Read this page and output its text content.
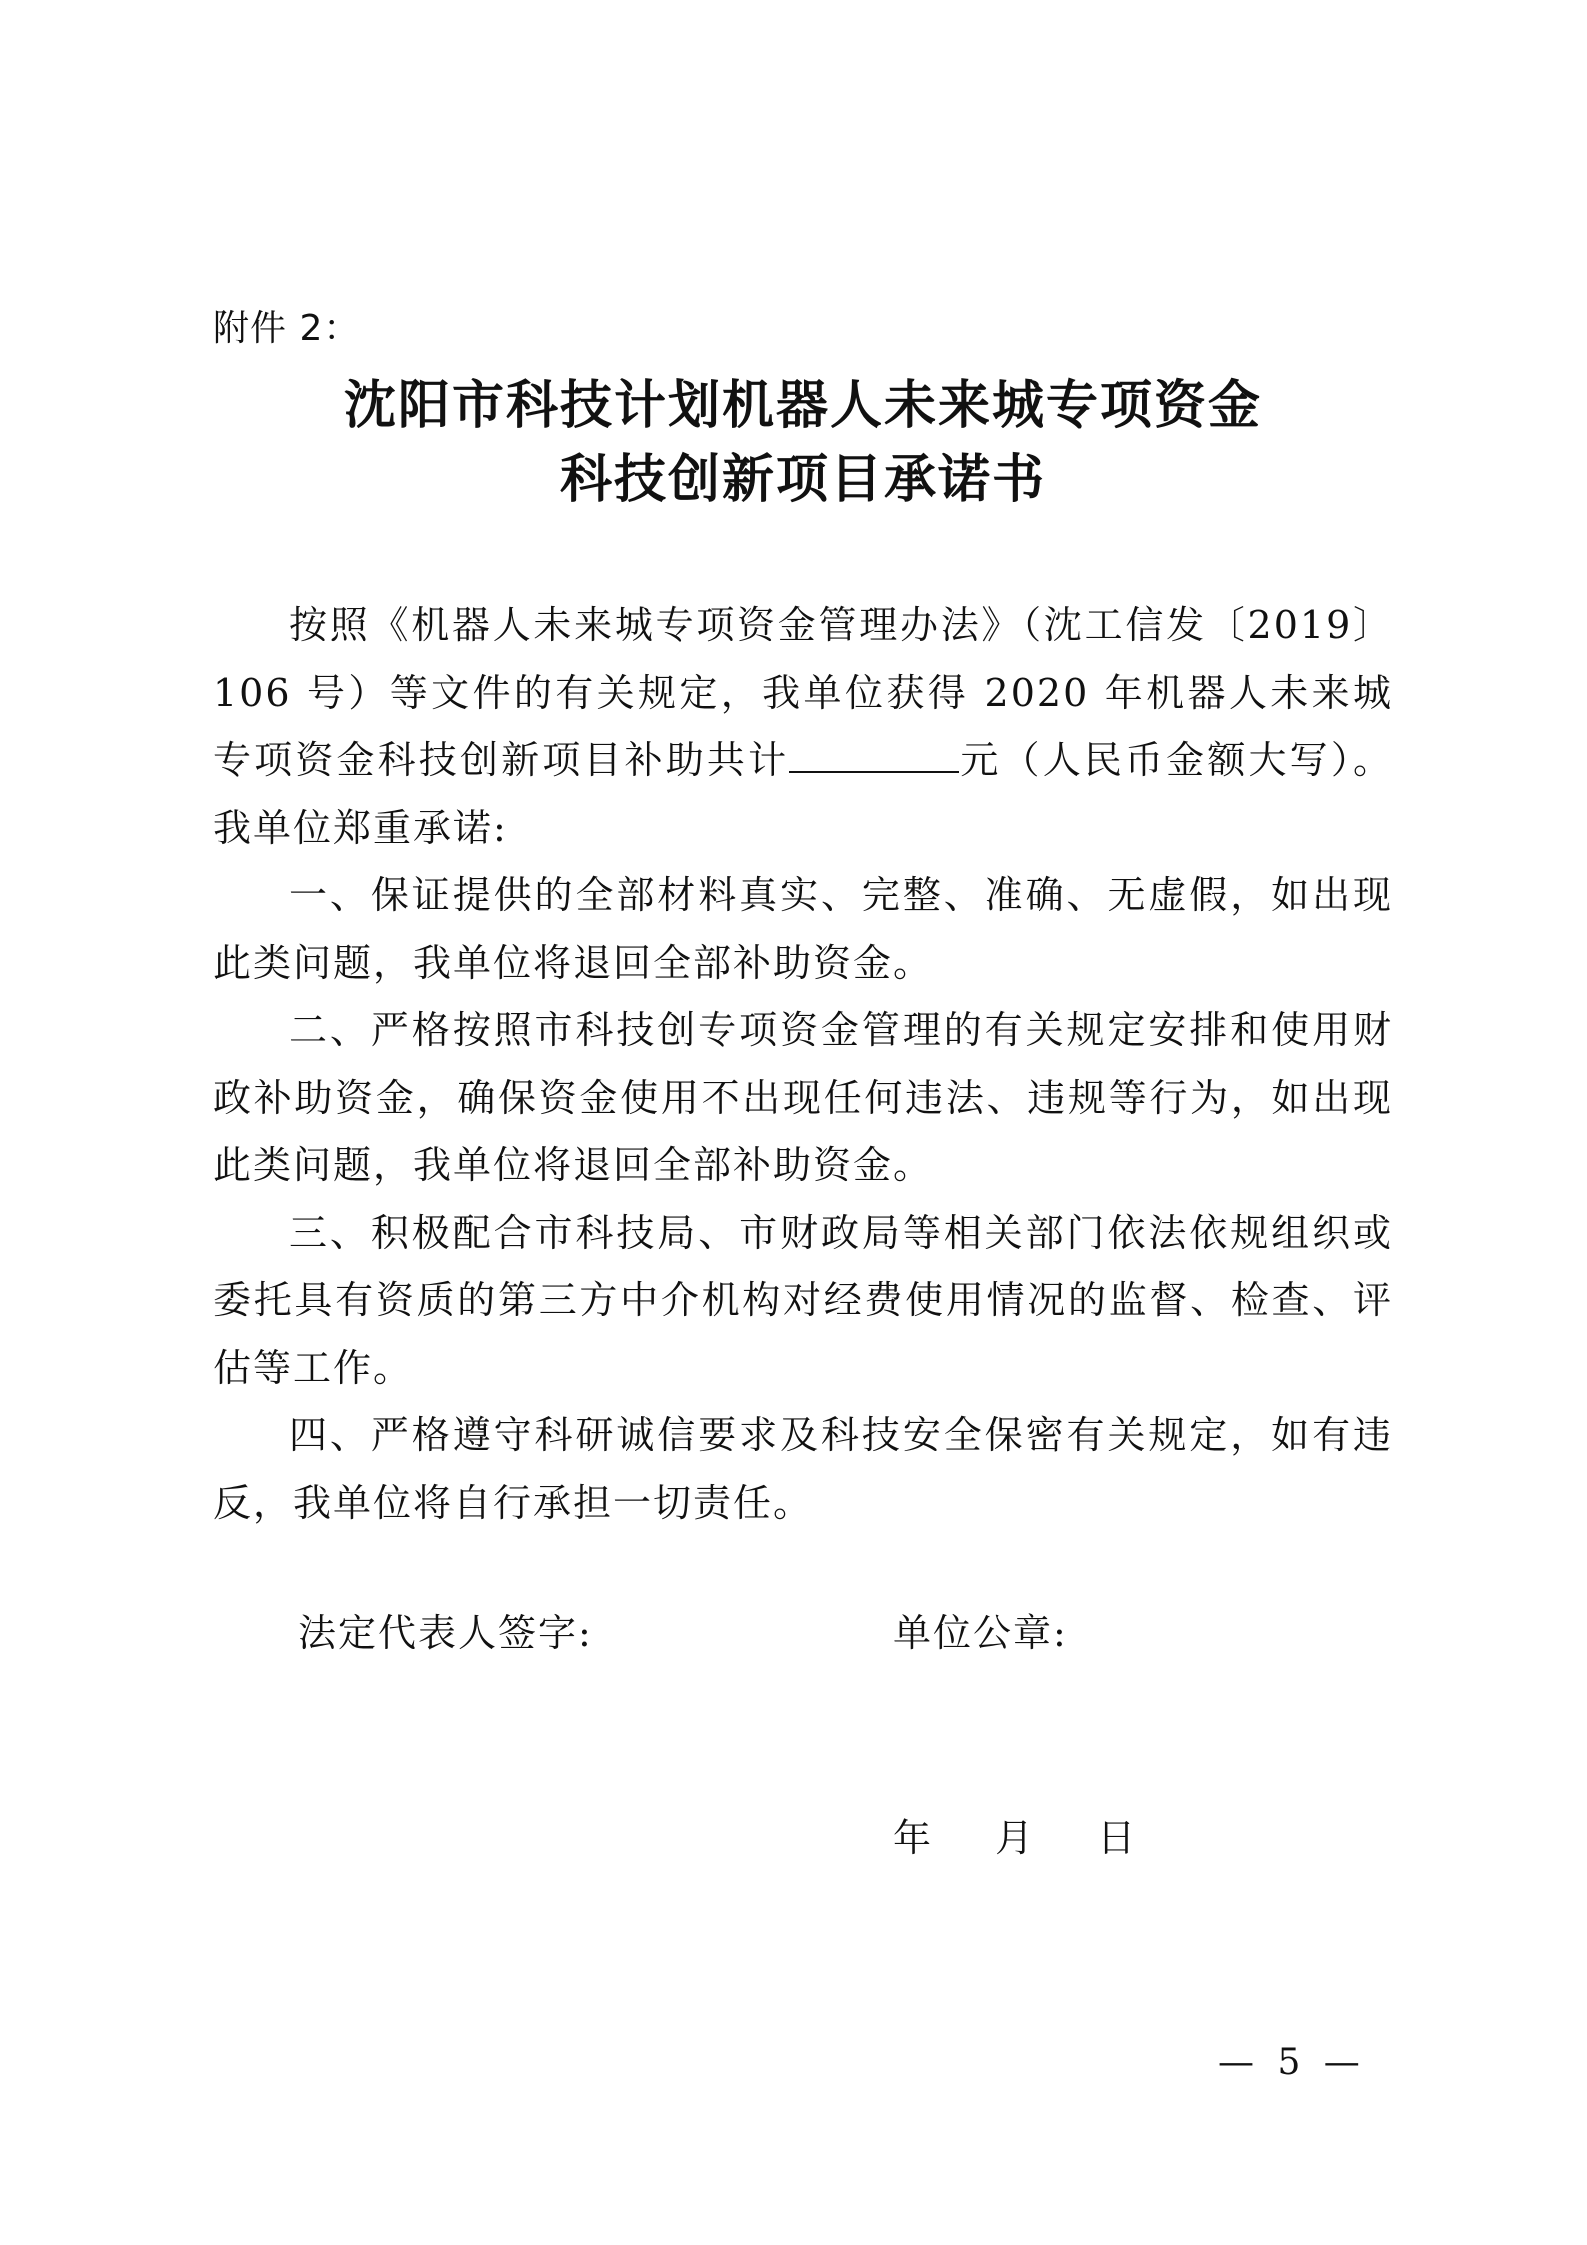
附件 2：
沈阳市科技计划机器人未来城专项资金
科技创新项目承诺书

按照《机器人未来城专项资金管理办法》（沈工信发〔2019〕106 号）等文件的有关规定，我单位获得 2020 年机器人未来城专项资金科技创新项目补助共计	元（人民币金额大写）。我单位郑重承诺:

一、保证提供的全部材料真实、完整、准确、无虚假，如出现此类问题，我单位将退回全部补助资金。

二、严格按照市科技创专项资金管理的有关规定安排和使用财政补助资金，确保资金使用不出现任何违法、违规等行为，如出现此类问题，我单位将退回全部补助资金。

三、积极配合市科技局、市财政局等相关部门依法依规组织或委托具有资质的第三方中介机构对经费使用情况的监督、检查、评估等工作。

四、严格遵守科研诚信要求及科技安全保密有关规定，如有违反，我单位将自行承担一切责任。

法定代表人签字:	单位公章:
年 月 日
— 5 —
